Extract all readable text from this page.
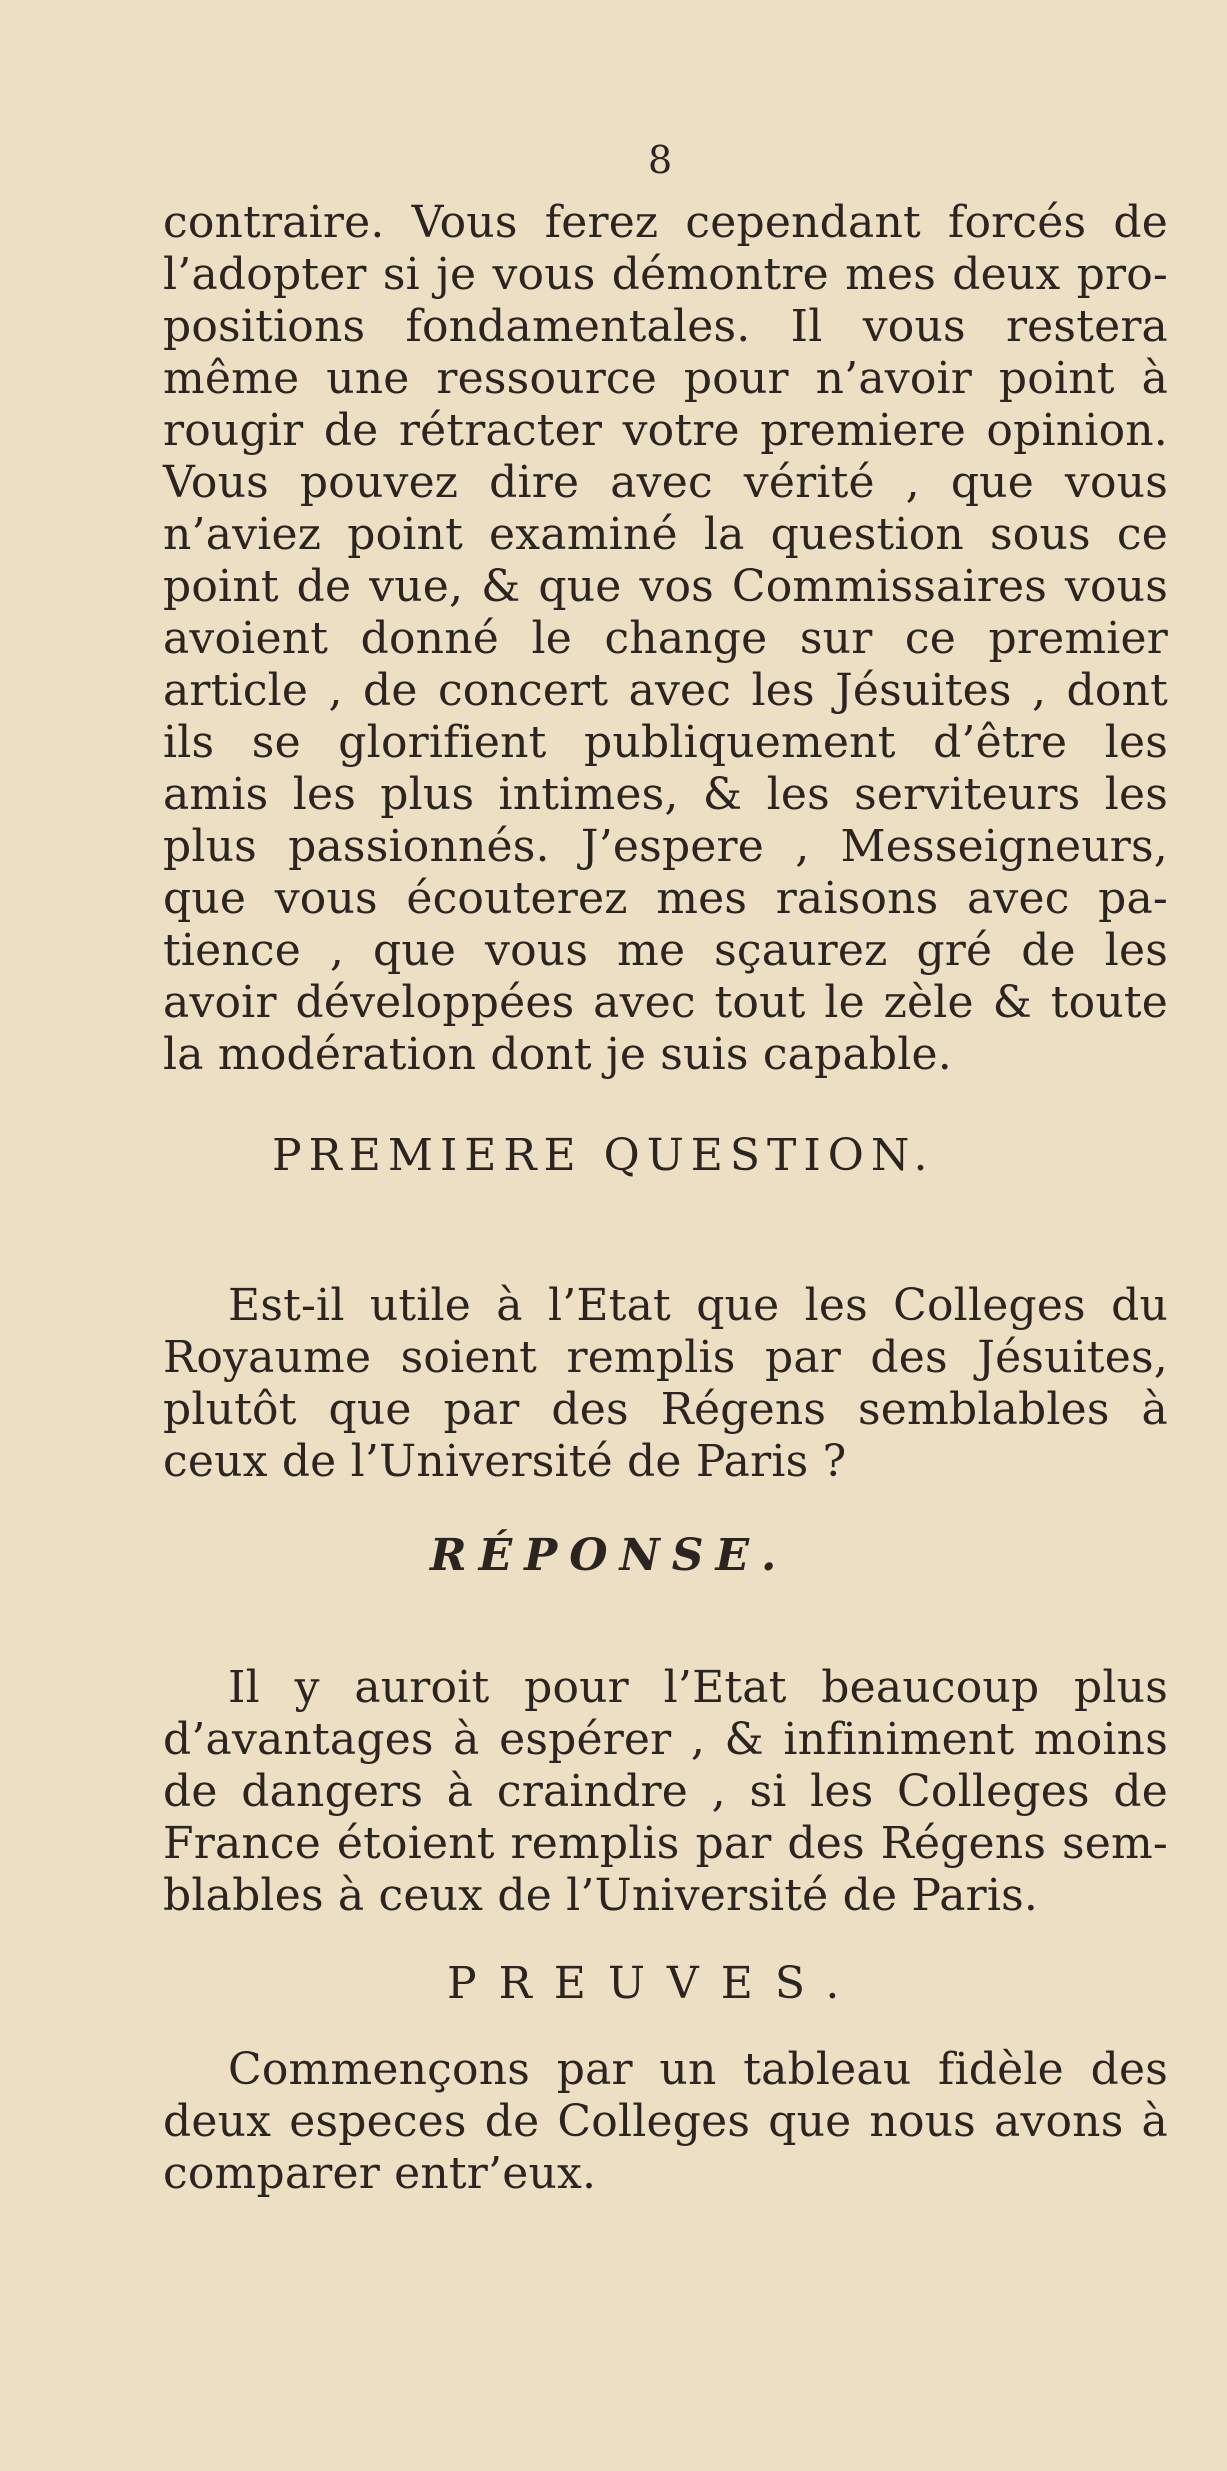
8
contraire. Vous ferez cependant forcés de
l’adopter si je vous démontre mes deux pro-
positions fondamentales. Il vous restera
même une ressource pour n’avoir point à
rougir de rétracter votre premiere opinion.
Vous pouvez dire avec vérité , que vous
n’aviez point examiné la question sous ce
point de vue, & que vos Commissaires vous
avoient donné le change sur ce premier
article , de concert avec les Jésuites , dont
ils se glorifient publiquement d’être les
amis les plus intimes, & les serviteurs les
plus passionnés. J’espere , Messeigneurs,
que vous écouterez mes raisons avec pa-
tience , que vous me sçaurez gré de les
avoir développées avec tout le zèle & toute
la modération dont je suis capable.
PREMIERE QUESTION.
Est-il utile à l’Etat que les Colleges du
Royaume soient remplis par des Jésuites,
plutôt que par des Régens semblables à
ceux de l’Université de Paris ?
RÉPONSE.
Il y auroit pour l’Etat beaucoup plus
d’avantages à espérer , & infiniment moins
de dangers à craindre , si les Colleges de
France étoient remplis par des Régens sem-
blables à ceux de l’Université de Paris.
PREUVES.
Commençons par un tableau fidèle des
deux especes de Colleges que nous avons à
comparer entr’eux.
